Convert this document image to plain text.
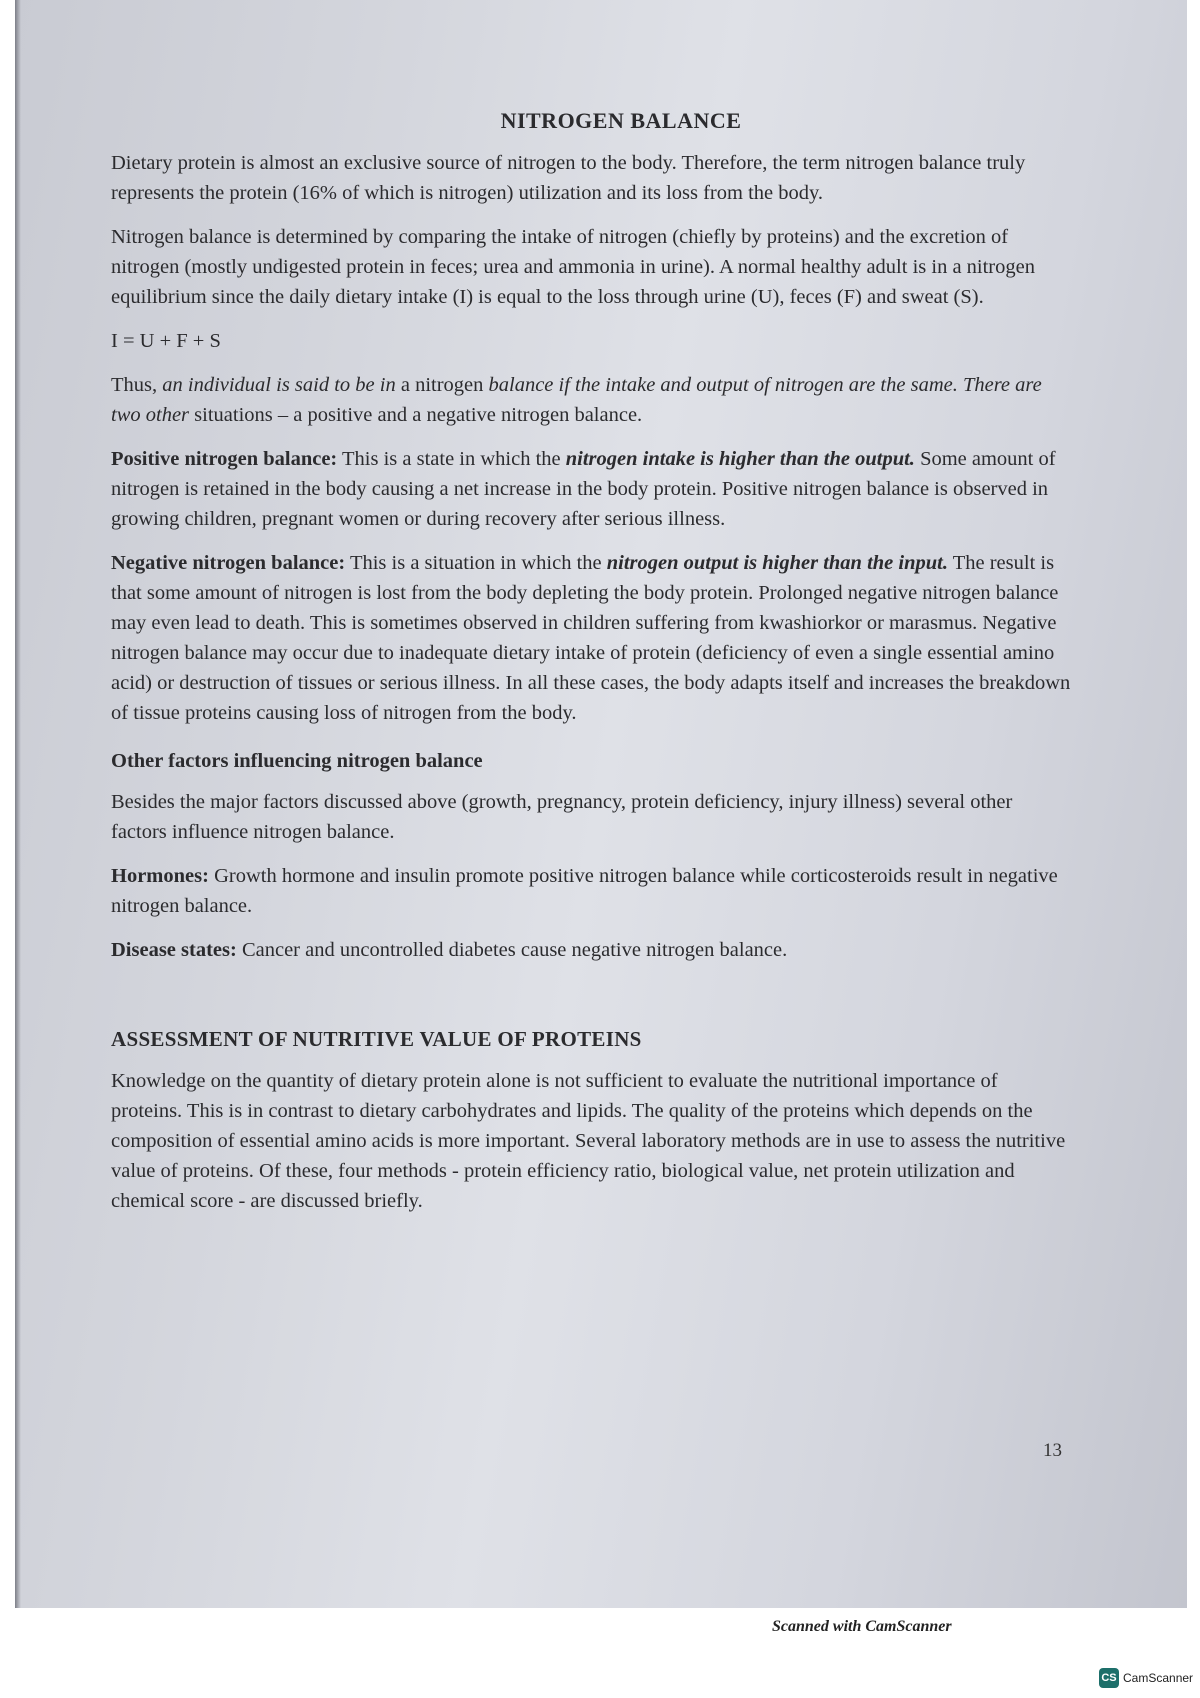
NITROGEN BALANCE

Dietary protein is almost an exclusive source of nitrogen to the body. Therefore, the term nitrogen balance truly represents the protein (16% of which is nitrogen) utilization and its loss from the body.

Nitrogen balance is determined by comparing the intake of nitrogen (chiefly by proteins) and the excretion of nitrogen (mostly undigested protein in feces; urea and ammonia in urine). A normal healthy adult is in a nitrogen equilibrium since the daily dietary intake (I) is equal to the loss through urine (U), feces (F) and sweat (S).

I = U + F + S

Thus, an individual is said to be in a nitrogen balance if the intake and output of nitrogen are the same. There are two other situations – a positive and a negative nitrogen balance.

Positive nitrogen balance: This is a state in which the nitrogen intake is higher than the output. Some amount of nitrogen is retained in the body causing a net increase in the body protein. Positive nitrogen balance is observed in growing children, pregnant women or during recovery after serious illness.

Negative nitrogen balance: This is a situation in which the nitrogen output is higher than the input. The result is that some amount of nitrogen is lost from the body depleting the body protein. Prolonged negative nitrogen balance may even lead to death. This is sometimes observed in children suffering from kwashiorkor or marasmus. Negative nitrogen balance may occur due to inadequate dietary intake of protein (deficiency of even a single essential amino acid) or destruction of tissues or serious illness. In all these cases, the body adapts itself and increases the breakdown of tissue proteins causing loss of nitrogen from the body.

Other factors influencing nitrogen balance

Besides the major factors discussed above (growth, pregnancy, protein deficiency, injury illness) several other factors influence nitrogen balance.

Hormones: Growth hormone and insulin promote positive nitrogen balance while corticosteroids result in negative nitrogen balance.

Disease states: Cancer and uncontrolled diabetes cause negative nitrogen balance.

ASSESSMENT OF NUTRITIVE VALUE OF PROTEINS

Knowledge on the quantity of dietary protein alone is not sufficient to evaluate the nutritional importance of proteins. This is in contrast to dietary carbohydrates and lipids. The quality of the proteins which depends on the composition of essential amino acids is more important. Several laboratory methods are in use to assess the nutritive value of proteins. Of these, four methods - protein efficiency ratio, biological value, net protein utilization and chemical score - are discussed briefly.

13
Scanned with CamScanner
CS CamScanner
